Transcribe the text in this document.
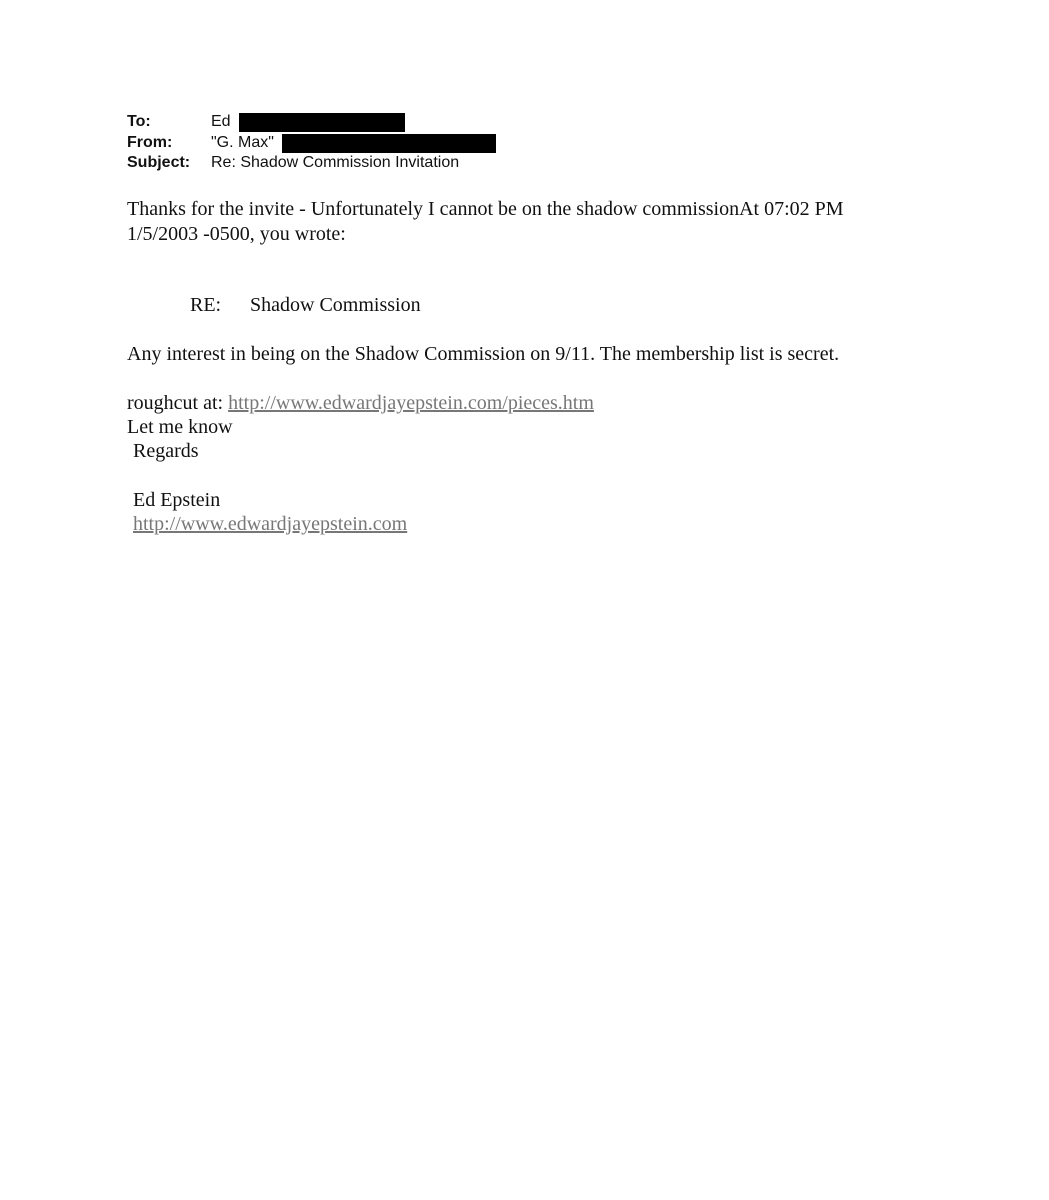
To:	Ed
From: "G. Max"
Subject: Re: Shadow Commission Invitation
Thanks for the invite - Unfortunately I cannot be on the shadow commissionAt 07:02 PM
1/5/2003 -0500, you wrote:
RE: Shadow Commission
Any interest in being on the Shadow Commission on 9/11. The membership list is secret.
roughcut at: http://www.edwardjayepstein.com/pieces.htm
Let me know
Regards
Ed Epstein
http://www.edwardjayepstein.com
